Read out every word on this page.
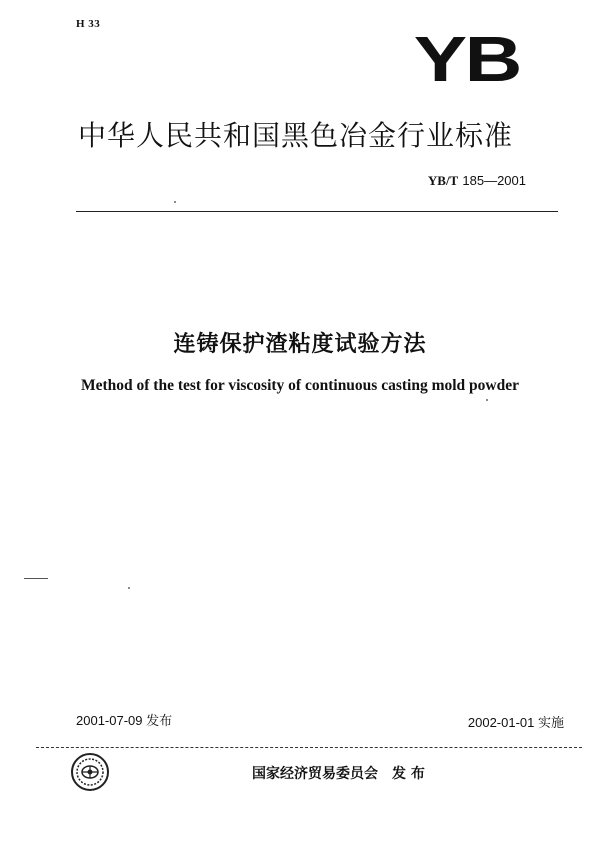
H 33	YB
中华人民共和国黑色冶金行业标准
YB/T 185—2001
连铸保护渣粘度试验方法
Method of the test for viscosity of continuous casting mold powder
2001-07-09 发布	2002-01-01 实施
国家经济贸易委员会　发 布
